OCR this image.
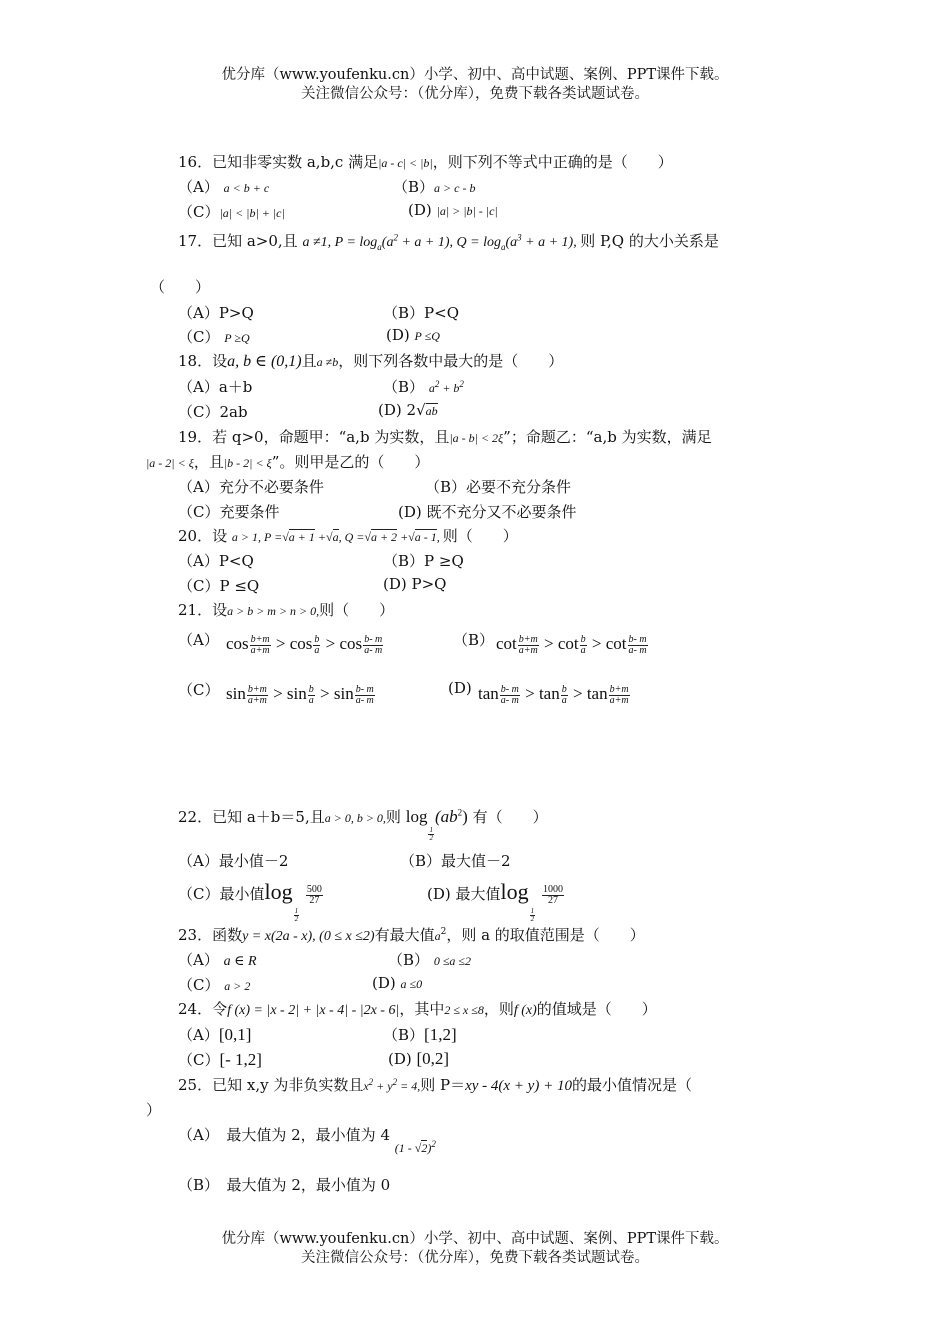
优分库（www.youfenku.cn）小学、初中、高中试题、案例、PPT课件下载。
关注微信公众号：（优分库），免费下载各类试题试卷。
16．已知非零实数 a,b,c 满足|a - c| < |b|，则下列不等式中正确的是（　　）
（A） a < b + c	（B）a > c - b
（C）|a| < |b| + |c|	(D) |a| > |b| - |c|
17．已知 a>0,且 a ≠1, $P = \log_a(a^2 + a + 1)$, $Q = \log_a(a^3 + a + 1)$, 则 P,Q 的大小关系是
（　　）
（A）P>Q	（B）P<Q
（C） P ≥Q	(D) P ≤Q
18．设a, b ∈ (0,1)且a ≠b，则下列各数中最大的是（　　）
（A）a＋b	（B） $a^2 + b^2$
（C）2ab	(D) 2√ab
19．若 q>0，命题甲：“a,b 为实数，且|a - b| < 2ξ”；命题乙：“a,b 为实数，满足
|a - 2| < ξ，且|b - 2| < ξ”。则甲是乙的（　　）
（A）充分不必要条件	（B）必要不充分条件
（C）充要条件	(D) 既不充分又不必要条件
20．设 a > 1, P =√a + 1 +√a, Q =√a + 2 +√a - 1, 则（　　）
（A）P<Q	（B）P ≥Q
（C）P ≤Q	(D) P>Q
21．设a > b > m > n > 0,则（　　）
（A） $\cos \frac{b+m}{a+m} > \cos \frac{b}{a} > \cos \frac{b- m}{a- m}$	（B） $\cot \frac{b+m}{a+m} > \cot \frac{b}{a} > \cot \frac{b- m}{a- m}$
（C） $\sin \frac{b+m}{a+m} > \sin \frac{b}{a} > \sin \frac{b- m}{a- m}$	(D) $\tan \frac{b- m}{a- m} > \tan \frac{b}{a} > \tan \frac{b+m}{a+m}$
22．已知 a＋b＝5,且a > 0, b > 0,则 log
$\frac{1}{2}$
$(ab^2)$ 有（　　）
（A）最小值－2	（B）最大值－2
（C）最小值log
$\frac{1}{2}$

$\frac{500}{27}$	(D) 最大值log
$\frac{1}{2}$

$\frac{1000}{27}$
23．函数y = x(2a - x), (0 ≤ x ≤2)有最大值$a^2$，则 a 的取值范围是（　　）
（A） a ∈ R	（B） 0 ≤a ≤2
（C） a > 2	(D) a ≤0
24．令f (x) = |x - 2| + |x - 4| - |2x - 6|，其中2 ≤ x ≤8，则f (x)的值域是（　　）
（A）[0,1]	（B）[1,2]
（C）[- 1,2]	(D) [0,2]
25．已知 x,y 为非负实数且$x^2 + y^2 = 4$,则 P＝xy - 4(x + y) + 10的最小值情况是（
）
（A）　 最大值为 2，最小值为 4 $_{(1 - √2)^2}$
（B）　 最大值为 2，最小值为 0
优分库（www.youfenku.cn）小学、初中、高中试题、案例、PPT课件下载。
关注微信公众号：（优分库），免费下载各类试题试卷。
